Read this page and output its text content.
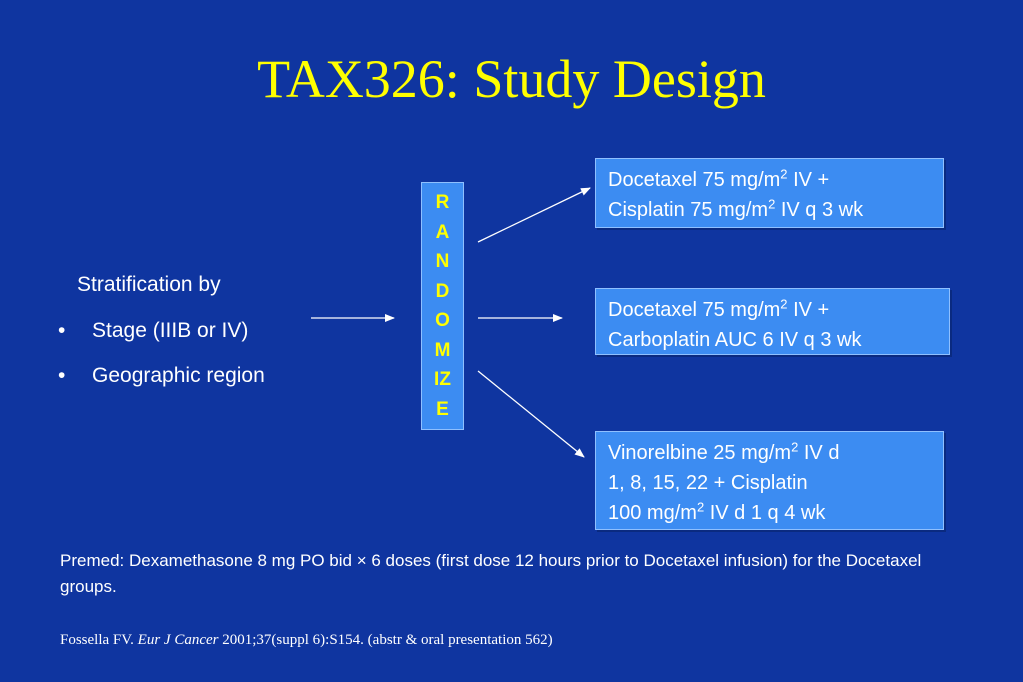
TAX326: Study Design
Stratification by
• Stage (IIIB or IV)
• Geographic region
R
A
N
D
O
M
IZ
E
Docetaxel 75 $mg/m^2$ IV +
Cisplatin 75 $mg/m^2$ IV q 3 wk
Docetaxel 75 $mg/m^2$ IV +
Carboplatin AUC 6 IV q 3 wk
Vinorelbine 25 $mg/m^2$ IV d
1, 8, 15, 22 + Cisplatin
100 $mg/m^2$ IV d 1 q 4 wk
Premed: Dexamethasone 8 mg PO bid × 6 doses (first dose 12 hours prior to Docetaxel infusion) for the Docetaxel groups.
Fossella FV. Eur J Cancer 2001;37(suppl 6):S154. (abstr & oral presentation 562)
